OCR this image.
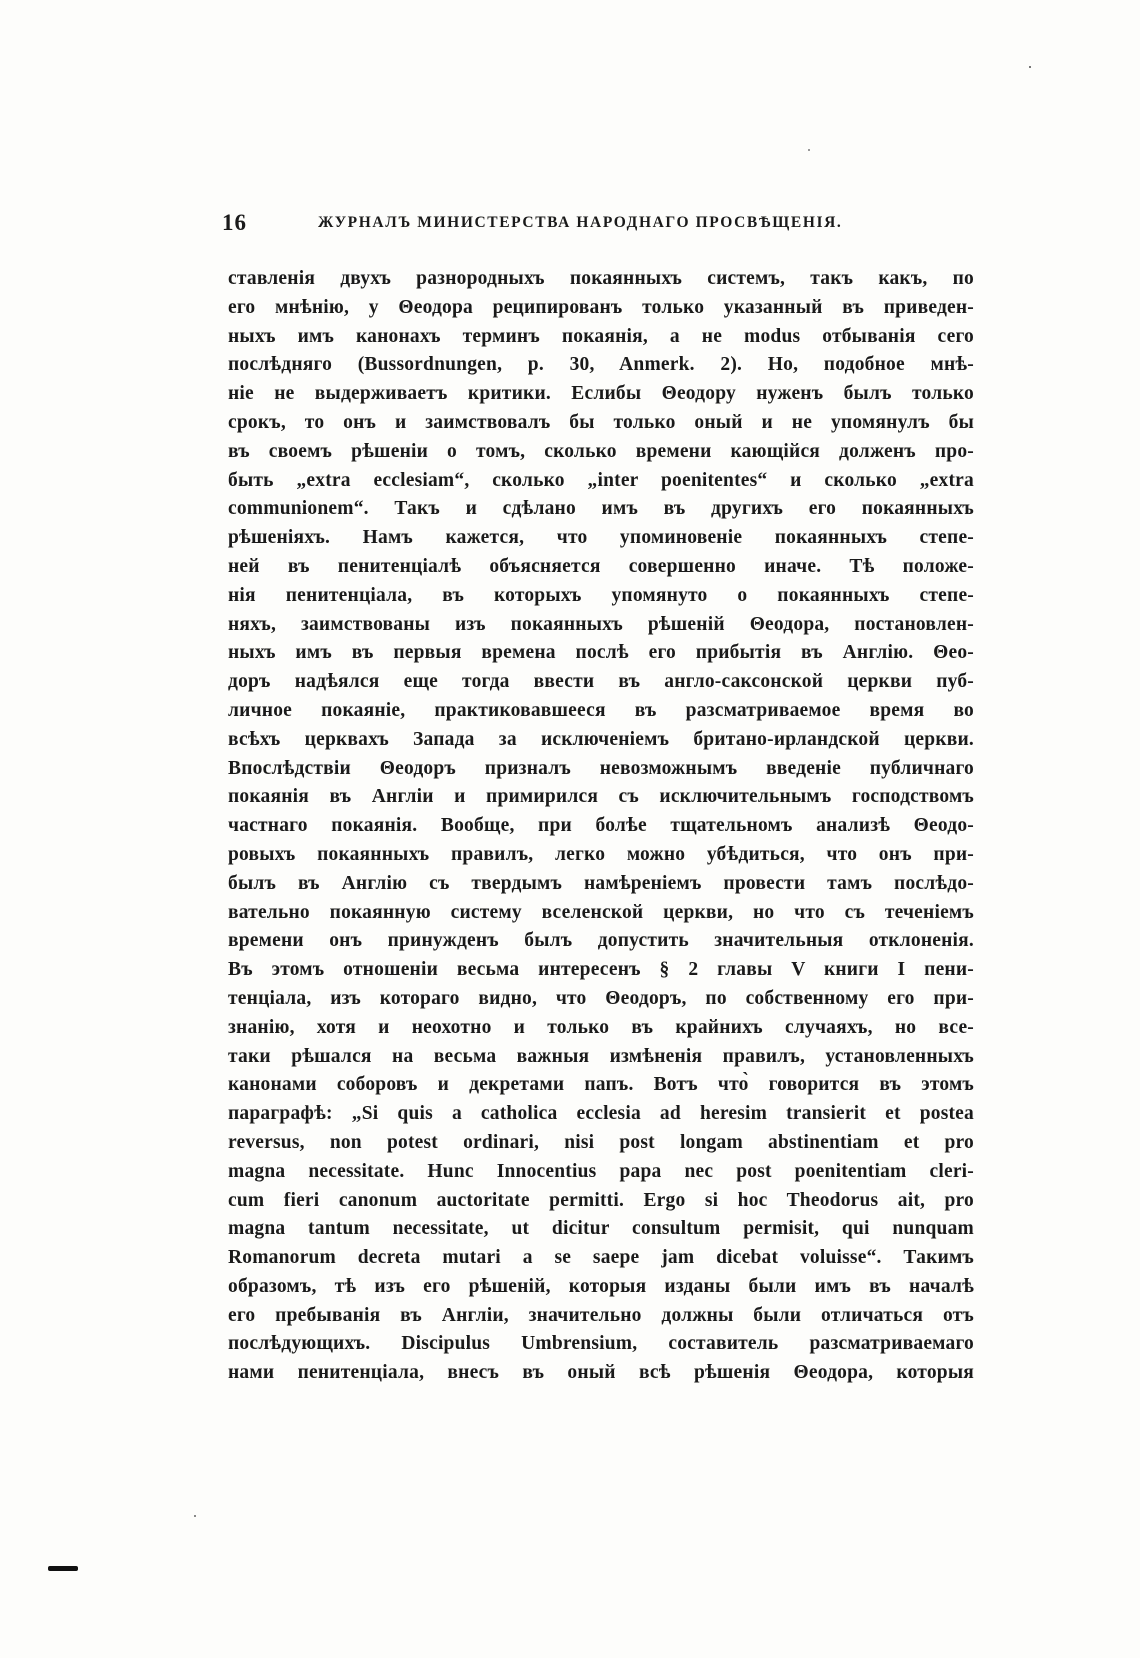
16	ЖУРНАЛЪ МИНИСТЕРСТВА НАРОДНАГО ПРОСВѢЩЕНІЯ.
ставленія двухъ разнородныхъ покаянныхъ системъ, такъ какъ, по
его мнѣнію, у Θеодора реципированъ только указанный въ приведен-
ныхъ имъ канонахъ терминъ покаянія, а не modus отбыванія сего
послѣдняго (Bussordnungen, p. 30, Anmerk. 2). Но, подобное мнѣ-
ніе не выдерживаетъ критики. Еслибы Θеодору нуженъ былъ только
срокъ, то онъ и заимствовалъ бы только оный и не упомянулъ бы
въ своемъ рѣшеніи о томъ, сколько времени кающійся долженъ про-
быть „extra ecclesiam“, сколько „inter poenitentes“ и сколько „extra
communionem“. Такъ и сдѣлано имъ въ другихъ его покаянныхъ
рѣшеніяхъ. Намъ кажется, что упоминовеніе покаянныхъ степе-
ней въ пенитенціалѣ объясняется совершенно иначе. Тѣ положе-
нія пенитенціала, въ которыхъ упомянуто о покаянныхъ степе-
няхъ, заимствованы изъ покаянныхъ рѣшеній Θеодора, постановлен-
ныхъ имъ въ первыя времена послѣ его прибытія въ Англію. Θео-
доръ надѣялся еще тогда ввести въ англо-саксонской церкви пуб-
личное покаяніе, практиковавшееся въ разсматриваемое время во
всѣхъ церквахъ Запада за исключеніемъ британо-ирландской церкви.
Впослѣдствіи Θеодоръ призналъ невозможнымъ введеніе публичнаго
покаянія въ Англіи и примирился съ исключительнымъ господствомъ
частнаго покаянія. Вообще, при болѣе тщательномъ анализѣ Θеодо-
ровыхъ покаянныхъ правилъ, легко можно убѣдиться, что онъ при-
былъ въ Англію съ твердымъ намѣреніемъ провести тамъ послѣдо-
вательно покаянную систему вселенской церкви, но что съ теченіемъ
времени онъ принужденъ былъ допустить значительныя отклоненія.
Въ этомъ отношеніи весьма интересенъ § 2 главы V книги I пени-
тенціала, изъ котораго видно, что Θеодоръ, по собственному его при-
знанію, хотя и неохотно и только въ крайнихъ случаяхъ, но все-
таки рѣшался на весьма важныя измѣненія правилъ, установленныхъ
канонами соборовъ и декретами папъ. Вотъ что̀ говорится въ этомъ
параграфѣ: „Si quis a catholica ecclesia ad heresim transierit et postea
reversus, non potest ordinari, nisi post longam abstinentiam et pro
magna necessitate. Hunc Innocentius papa nec post poenitentiam cleri-
cum fieri canonum auctoritate permitti. Ergo si hoc Theodorus ait, pro
magna tantum necessitate, ut dicitur consultum permisit, qui nunquam
Romanorum decreta mutari a se saepe jam dicebat voluisse“. Такимъ
образомъ, тѣ изъ его рѣшеній, которыя изданы были имъ въ началѣ
его пребыванія въ Англіи, значительно должны были отличаться отъ
послѣдующихъ. Discipulus Umbrensium, составитель разсматриваемаго
нами пенитенціала, внесъ въ оный всѣ рѣшенія Θеодора, которыя
